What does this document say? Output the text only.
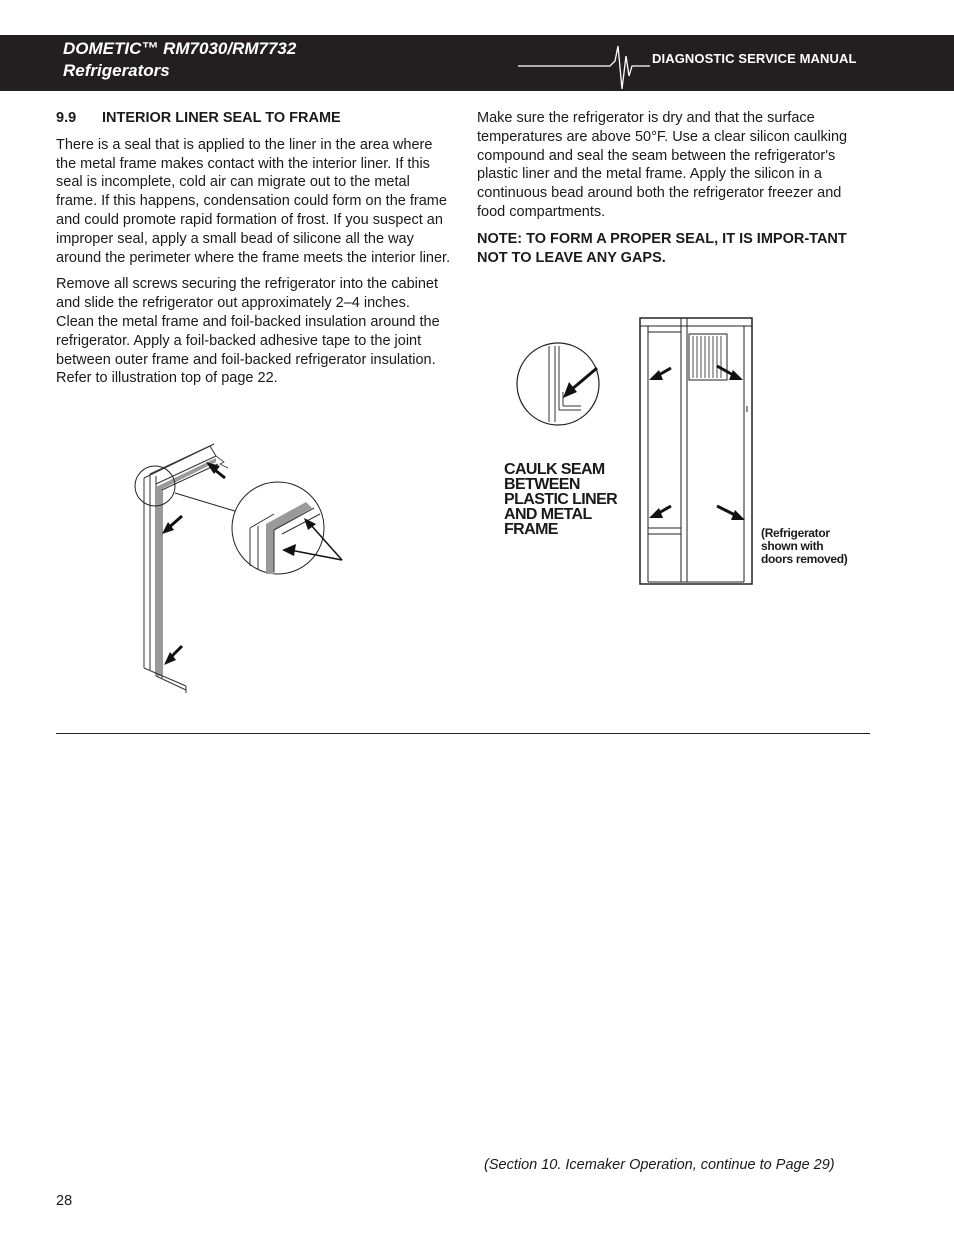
DOMETIC™ RM7030/RM7732
Refrigerators
DIAGNOSTIC SERVICE MANUAL

9.9 INTERIOR LINER SEAL TO FRAME

There is a seal that is applied to the liner in the area where the metal frame makes contact with the interior liner. If this seal is incomplete, cold air can migrate out to the metal frame. If this happens, condensation could form on the frame and could promote rapid formation of frost. If you suspect an improper seal, apply a small bead of silicone all the way around the perimeter where the frame meets the interior liner.

Remove all screws securing the refrigerator into the cabinet and slide the refrigerator out approximately 2–4 inches. Clean the metal frame and foil-backed insulation around the refrigerator. Apply a foil-backed adhesive tape to the joint between outer frame and foil-backed refrigerator insulation. Refer to illustration top of page 22.

Make sure the refrigerator is dry and that the surface temperatures are above 50°F. Use a clear silicon caulking compound and seal the seam between the refrigerator's plastic liner and the metal frame. Apply the silicon in a continuous bead around both the refrigerator freezer and food compartments.

NOTE: TO FORM A PROPER SEAL, IT IS IMPOR-TANT NOT TO LEAVE ANY GAPS.

CAULK SEAM
BETWEEN
PLASTIC LINER
AND METAL
FRAME	(Refrigerator
shown with
doors removed)
(Section 10. Icemaker Operation, continue to Page 29)
28
